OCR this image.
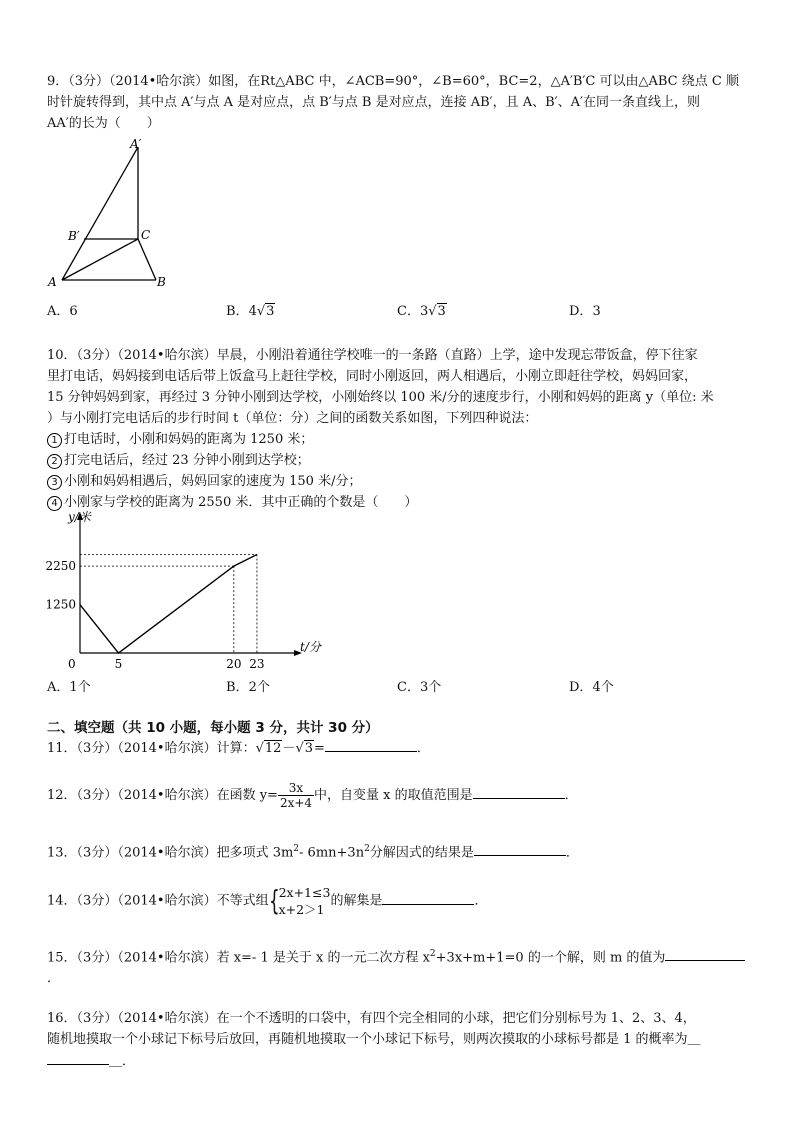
9．（3分）（2014•哈尔滨）如图，在Rt△ABC 中，∠ACB=90°，∠B=60°，BC=2，△A′B′C 可以由△ABC 绕点 C 顺
时针旋转得到，其中点 A′与点 A 是对应点，点 B′与点 B 是对应点，连接 AB′，且 A、B′、A′在同一条直线上，则
AA′的长为（　　）
A′
B′	C
A	B
A．6	B．4√3	C．3√3	D．3
10．（3分）（2014•哈尔滨）早晨，小刚沿着通往学校唯一的一条路（直路）上学，途中发现忘带饭盒，停下往家
里打电话，妈妈接到电话后带上饭盒马上赶往学校，同时小刚返回，两人相遇后，小刚立即赶往学校，妈妈回家，
15 分钟妈妈到家，再经过 3 分钟小刚到达学校，小刚始终以 100 米/分的速度步行，小刚和妈妈的距离 y（单位: 米
）与小刚打完电话后的步行时间 t（单位：分）之间的函数关系如图，下列四种说法：
1 打电话时，小刚和妈妈的距离为 1250 米；
2 打完电话后，经过 23 分钟小刚到达学校；
3 小刚和妈妈相遇后，妈妈回家的速度为 150 米/分；
4 小刚家与学校的距离为 2550 米．其中正确的个数是（　　）
t/分
y/米
0	5	20 23
1250
2250
A．1个	B．2个	C．3个	D．4个
二、填空题（共 10 小题，每小题 3 分，共计 30 分）
11．（3分）（2014•哈尔滨）计算：√12－√3=	．
12．（3分）（2014•哈尔滨）在函数 $y= \frac{3x}{2x+4}$ 中，自变量 x 的取值范围是	．
13．（3分）（2014•哈尔滨）把多项式 $3m^2-$ $6mn+3n^2$分解因式的结果是	．
14．（3分）（2014•哈尔滨）不等式组 { 2x+1≤3
x+2＞1
的解集是	．
15．（3分）（2014•哈尔滨）若 x=- 1 是关于 x 的一元二次方程 $x^2+3x+m+1=0$ 的一个解，则 m 的值为
．
16．（3分）（2014•哈尔滨）在一个不透明的口袋中，有四个完全相同的小球，把它们分别标号为 1、2、3、4，
随机地摸取一个小球记下标号后放回，再随机地摸取一个小球记下标号，则两次摸取的小球标号都是 1 的概率为＿
＿．
